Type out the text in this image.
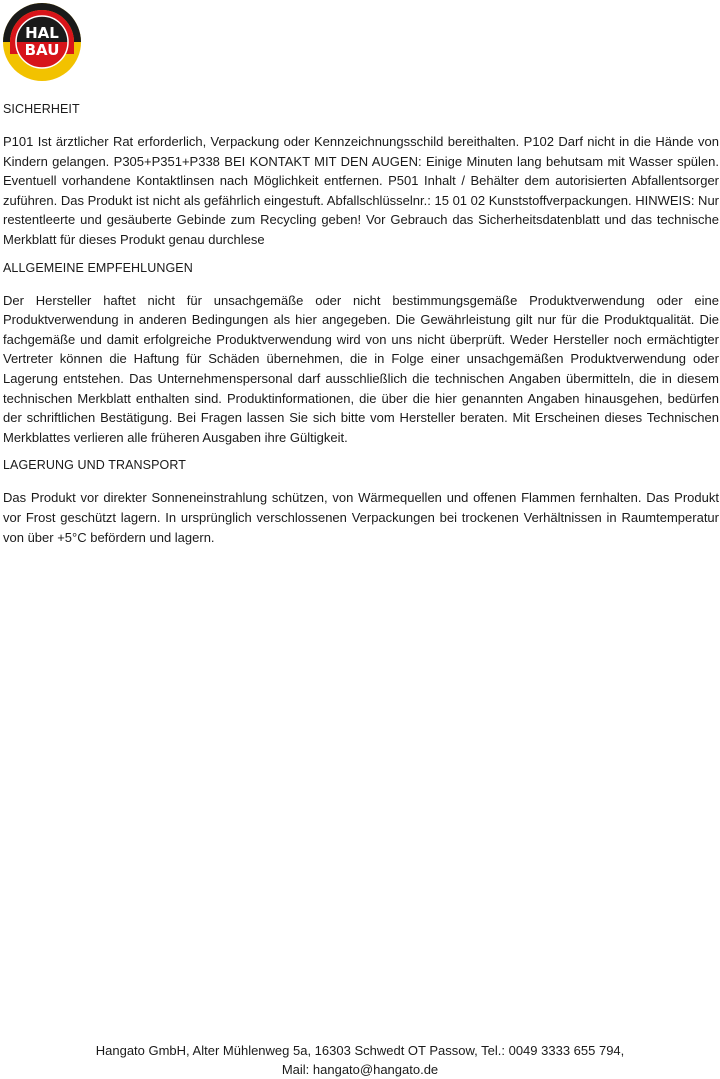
HAL
BAU
SICHERHEIT
P101 Ist ärztlicher Rat erforderlich, Verpackung oder Kennzeichnungsschild bereithalten. P102 Darf nicht in die Hände von Kindern gelangen. P305+P351+P338 BEI KONTAKT MIT DEN AUGEN: Einige Minuten lang behutsam mit Wasser spülen. Eventuell vorhandene Kontaktlinsen nach Möglichkeit entfernen. P501 Inhalt / Behälter dem autorisierten Abfallentsorger zuführen. Das Produkt ist nicht als gefährlich eingestuft. Abfallschlüsselnr.: 15 01 02 Kunststoffverpackungen. HINWEIS: Nur restentleerte und gesäuberte Gebinde zum Recycling geben! Vor Gebrauch das Sicherheitsdatenblatt und das technische Merkblatt für dieses Produkt genau durchlese
ALLGEMEINE EMPFEHLUNGEN
Der Hersteller haftet nicht für unsachgemäße oder nicht bestimmungsgemäße Produktverwendung oder eine Produktverwendung in anderen Bedingungen als hier angegeben. Die Gewährleistung gilt nur für die Produktqualität. Die fachgemäße und damit erfolgreiche Produktverwendung wird von uns nicht überprüft. Weder Hersteller noch ermächtigter Vertreter können die Haftung für Schäden übernehmen, die in Folge einer unsachgemäßen Produktverwendung oder Lagerung entstehen. Das Unternehmenspersonal darf ausschließlich die technischen Angaben übermitteln, die in diesem technischen Merkblatt enthalten sind. Produktinformationen, die über die hier genannten Angaben hinausgehen, bedürfen der schriftlichen Bestätigung. Bei Fragen lassen Sie sich bitte vom Hersteller beraten. Mit Erscheinen dieses Technischen Merkblattes verlieren alle früheren Ausgaben ihre Gültigkeit.
LAGERUNG UND TRANSPORT
Das Produkt vor direkter Sonneneinstrahlung schützen, von Wärmequellen und offenen Flammen fernhalten. Das Produkt vor Frost geschützt lagern. In ursprünglich verschlossenen Verpackungen bei trockenen Verhältnissen in Raumtemperatur von über +5°C befördern und lagern.
Hangato GmbH, Alter Mühlenweg 5a, 16303 Schwedt OT Passow, Tel.: 0049 3333 655 794,
Mail: hangato@hangato.de
